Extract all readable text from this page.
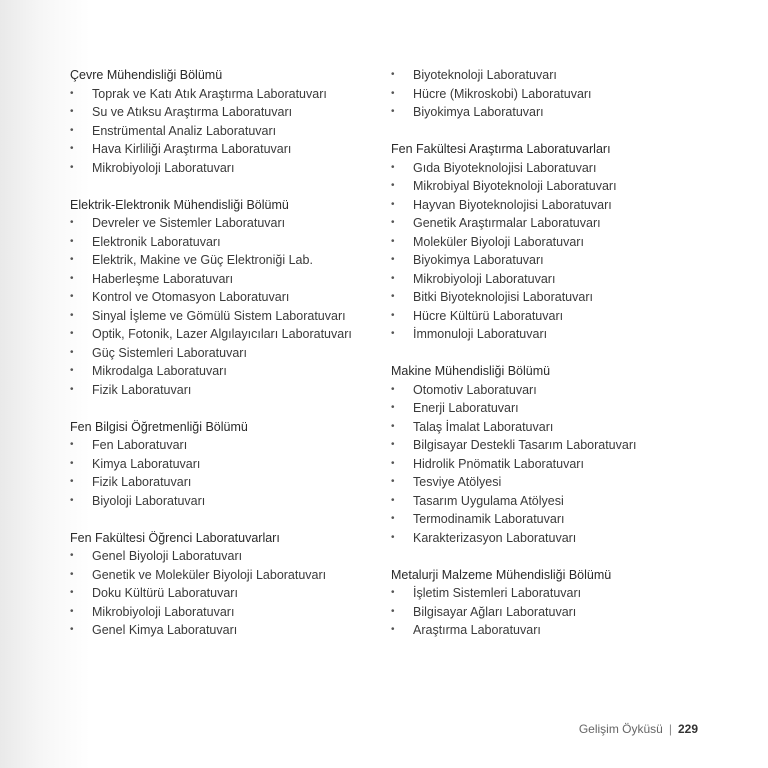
Çevre Mühendisliği Bölümü
• Toprak ve Katı Atık Araştırma Laboratuvarı
• Su ve Atıksu Araştırma Laboratuvarı
• Enstrümental Analiz Laboratuvarı
• Hava Kirliliği Araştırma Laboratuvarı
• Mikrobiyoloji Laboratuvarı
Elektrik-Elektronik Mühendisliği Bölümü
• Devreler ve Sistemler Laboratuvarı
• Elektronik Laboratuvarı
• Elektrik, Makine ve Güç Elektroniği Lab.
• Haberleşme Laboratuvarı
• Kontrol ve Otomasyon Laboratuvarı
• Sinyal İşleme ve Gömülü Sistem Laboratuvarı
• Optik, Fotonik, Lazer Algılayıcıları Laboratuvarı
• Güç Sistemleri Laboratuvarı
• Mikrodalga Laboratuvarı
• Fizik Laboratuvarı
Fen Bilgisi Öğretmenliği Bölümü
• Fen Laboratuvarı
• Kimya Laboratuvarı
• Fizik Laboratuvarı
• Biyoloji Laboratuvarı
Fen Fakültesi Öğrenci Laboratuvarları
• Genel Biyoloji Laboratuvarı
• Genetik ve Moleküler Biyoloji Laboratuvarı
• Doku Kültürü Laboratuvarı
• Mikrobiyoloji Laboratuvarı
• Genel Kimya Laboratuvarı
• Biyoteknoloji Laboratuvarı
• Hücre (Mikroskobi) Laboratuvarı
• Biyokimya Laboratuvarı
Fen Fakültesi Araştırma Laboratuvarları
• Gıda Biyoteknolojisi Laboratuvarı
• Mikrobiyal Biyoteknoloji Laboratuvarı
• Hayvan Biyoteknolojisi Laboratuvarı
• Genetik Araştırmalar Laboratuvarı
• Moleküler Biyoloji Laboratuvarı
• Biyokimya Laboratuvarı
• Mikrobiyoloji Laboratuvarı
• Bitki Biyoteknolojisi Laboratuvarı
• Hücre Kültürü Laboratuvarı
• İmmonuloji Laboratuvarı
Makine Mühendisliği Bölümü
• Otomotiv Laboratuvarı
• Enerji Laboratuvarı
• Talaş İmalat Laboratuvarı
• Bilgisayar Destekli Tasarım Laboratuvarı
• Hidrolik Pnömatik Laboratuvarı
• Tesviye Atölyesi
• Tasarım Uygulama Atölyesi
• Termodinamik Laboratuvarı
• Karakterizasyon Laboratuvarı
Metalurji Malzeme Mühendisliği Bölümü
• İşletim Sistemleri Laboratuvarı
• Bilgisayar Ağları Laboratuvarı
• Araştırma Laboratuvarı
Gelişim Öyküsü | 229
